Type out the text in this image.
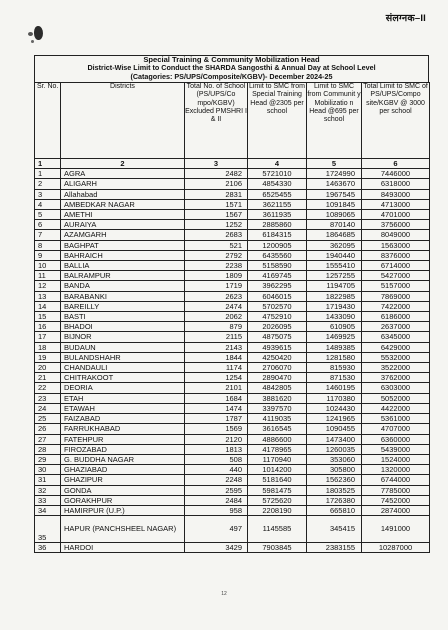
संलग्नक–II
Special Training & Community Mobilization Head
District-Wise Limit to Conduct the SHARDA Sangosthi & Annual Day at School Level
(Catagories: PS/UPS/Composite/KGBV)- December 2024-25
Sr. No.	Districts	Total No. of School (PS/UPS/Co mpo/KGBV) Excluded PMSHRI I & II	Limit to SMC from Special Training Head @2305 per school	Limit to SMC from Communit y Mobilizatio n Head @695 per school	Total Limit to SMC of PS/UPS/Compo site/KGBV @ 3000 per school
1	2	3	4	5	6
1	AGRA	2482	5721010	1724990	7446000
2	ALIGARH	2106	4854330	1463670	6318000
3	Allahabad	2831	6525455	1967545	8493000
4	AMBEDKAR NAGAR	1571	3621155	1091845	4713000
5	AMETHI	1567	3611935	1089065	4701000
6	AURAIYA	1252	2885860	870140	3756000
7	AZAMGARH	2683	6184315	1864685	8049000
8	BAGHPAT	521	1200905	362095	1563000
9	BAHRAICH	2792	6435560	1940440	8376000
10	BALLIA	2238	5158590	1555410	6714000
11	BALRAMPUR	1809	4169745	1257255	5427000
12	BANDA	1719	3962295	1194705	5157000
13	BARABANKI	2623	6046015	1822985	7869000
14	BAREILLY	2474	5702570	1719430	7422000
15	BASTI	2062	4752910	1433090	6186000
16	BHADOI	879	2026095	610905	2637000
17	BIJNOR	2115	4875075	1469925	6345000
18	BUDAUN	2143	4939615	1489385	6429000
19	BULANDSHAHR	1844	4250420	1281580	5532000
20	CHANDAULI	1174	2706070	815930	3522000
21	CHITRAKOOT	1254	2890470	871530	3762000
22	DEORIA	2101	4842805	1460195	6303000
23	ETAH	1684	3881620	1170380	5052000
24	ETAWAH	1474	3397570	1024430	4422000
25	FAIZABAD	1787	4119035	1241965	5361000
26	FARRUKHABAD	1569	3616545	1090455	4707000
27	FATEHPUR	2120	4886600	1473400	6360000
28	FIROZABAD	1813	4178965	1260035	5439000
29	G. BUDDHA NAGAR	508	1170940	353060	1524000
30	GHAZIABAD	440	1014200	305800	1320000
31	GHAZIPUR	2248	5181640	1562360	6744000
32	GONDA	2595	5981475	1803525	7785000
33	GORAKHPUR	2484	5725620	1726380	7452000
34	HAMIRPUR (U.P.)	958	2208190	665810	2874000
35	HAPUR (PANCHSHEEL NAGAR)	497	1145585	345415	1491000
36	HARDOI	3429	7903845	2383155	10287000
12
